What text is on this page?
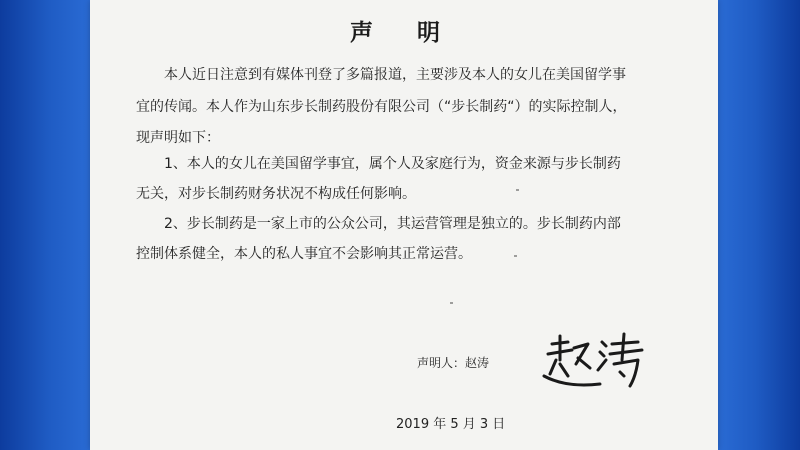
声 明
本人近日注意到有媒体刊登了多篇报道，主要涉及本人的女儿在美国留学事
宜的传闻。本人作为山东步长制药股份有限公司（“步长制药“）的实际控制人，
现声明如下：
1、本人的女儿在美国留学事宜，属个人及家庭行为，资金来源与步长制药
无关，对步长制药财务状况不构成任何影响。
2、步长制药是一家上市的公众公司，其运营管理是独立的。步长制药内部
控制体系健全，本人的私人事宜不会影响其正常运营。
声明人：赵涛
2019 年 5 月 3 日
